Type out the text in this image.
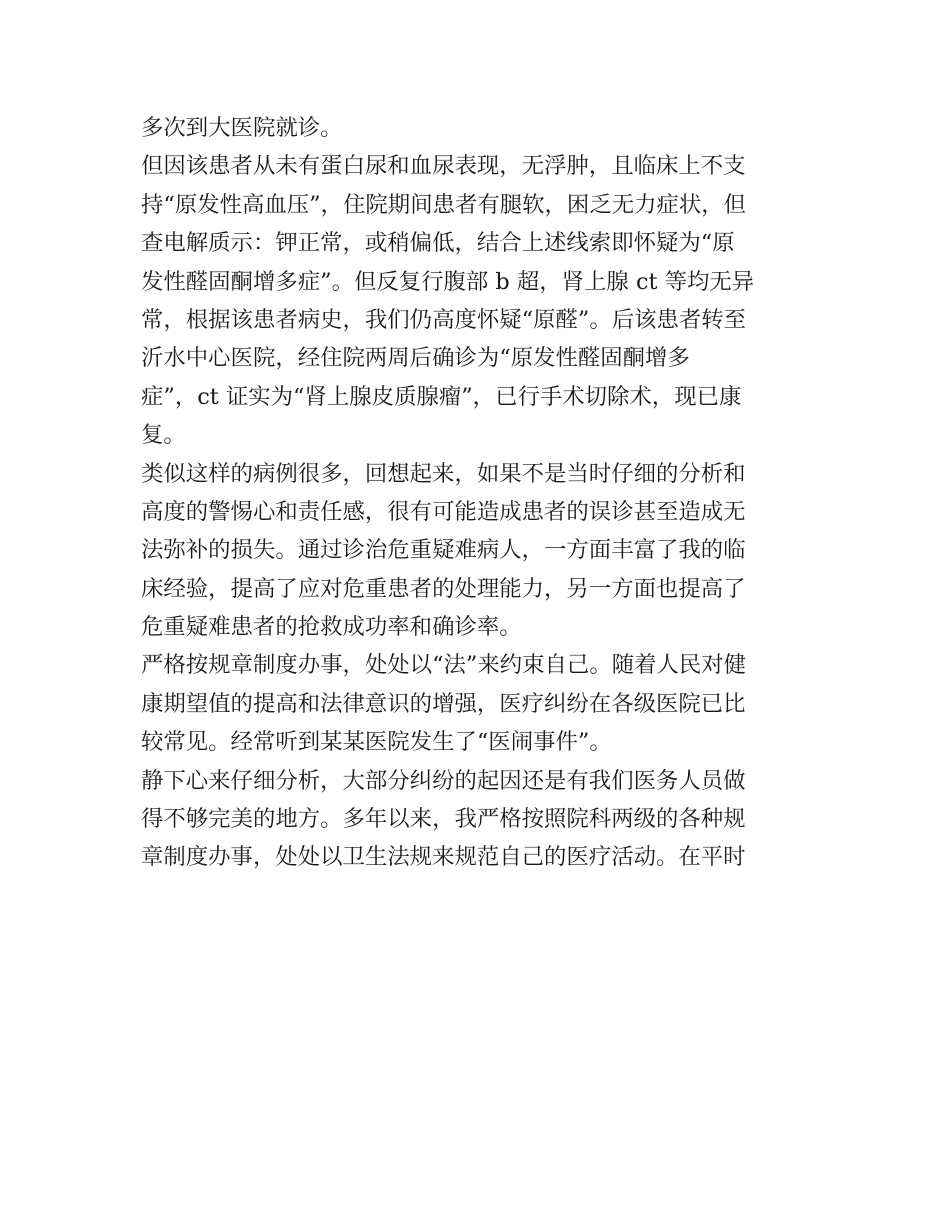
多次到大医院就诊。
但因该患者从未有蛋白尿和血尿表现，无浮肿，且临床上不支
持“原发性高血压”，住院期间患者有腿软，困乏无力症状，但
查电解质示：钾正常，或稍偏低，结合上述线索即怀疑为“原
发性醛固酮增多症”。但反复行腹部 b 超，肾上腺 ct 等均无异
常，根据该患者病史，我们仍高度怀疑“原醛”。后该患者转至
沂水中心医院，经住院两周后确诊为“原发性醛固酮增多
症”，ct 证实为“肾上腺皮质腺瘤”，已行手术切除术，现已康
复。
类似这样的病例很多，回想起来，如果不是当时仔细的分析和
高度的警惕心和责任感，很有可能造成患者的误诊甚至造成无
法弥补的损失。通过诊治危重疑难病人，一方面丰富了我的临
床经验，提高了应对危重患者的处理能力，另一方面也提高了
危重疑难患者的抢救成功率和确诊率。
严格按规章制度办事，处处以“法”来约束自己。随着人民对健
康期望值的提高和法律意识的增强，医疗纠纷在各级医院已比
较常见。经常听到某某医院发生了“医闹事件”。
静下心来仔细分析，大部分纠纷的起因还是有我们医务人员做
得不够完美的地方。多年以来，我严格按照院科两级的各种规
章制度办事，处处以卫生法规来规范自己的医疗活动。在平时
